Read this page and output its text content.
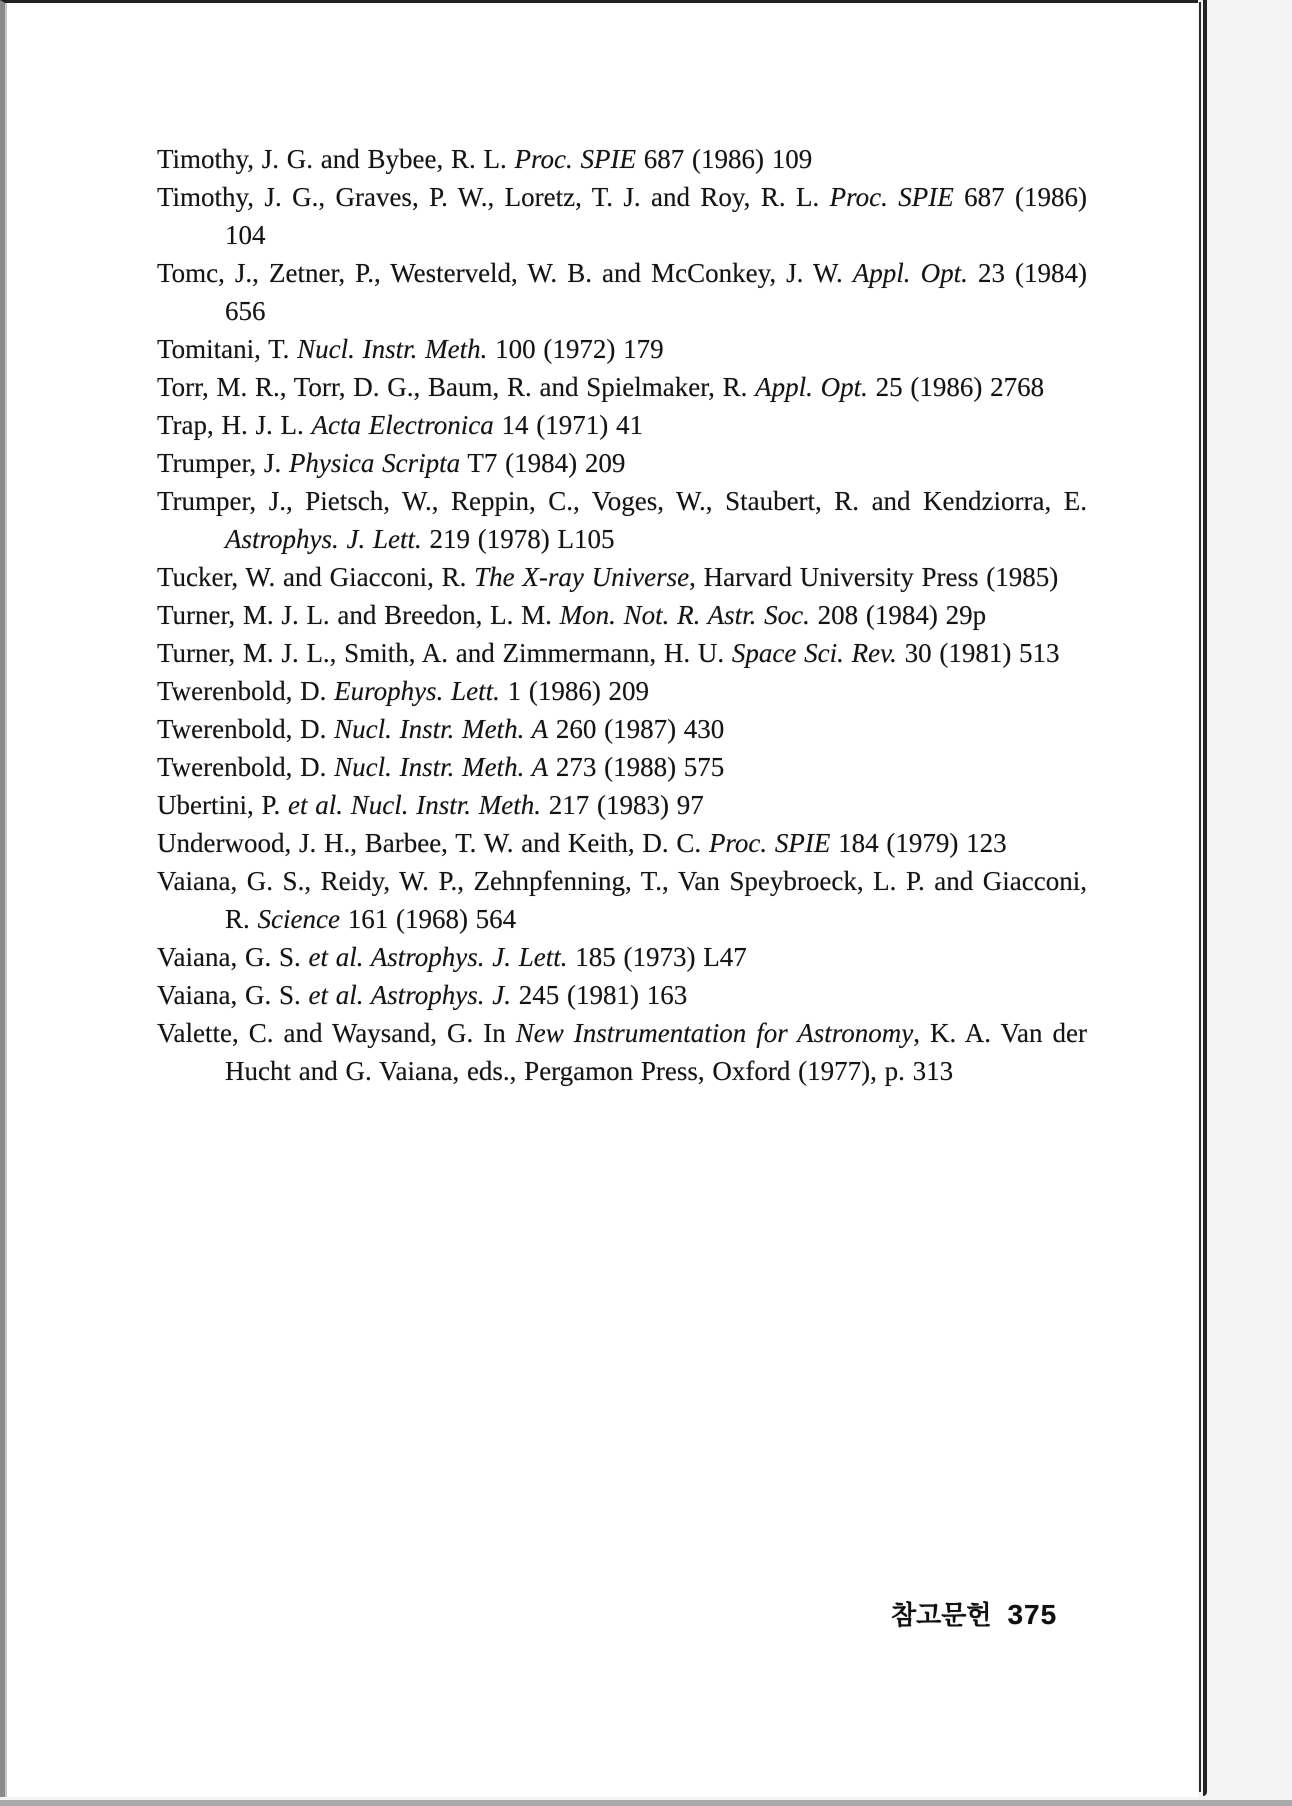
Timothy, J. G. and Bybee, R. L. Proc. SPIE 687 (1986) 109

Timothy, J. G., Graves, P. W., Loretz, T. J. and Roy, R. L. Proc. SPIE 687 (1986) 104

Tomc, J., Zetner, P., Westerveld, W. B. and McConkey, J. W. Appl. Opt. 23 (1984) 656

Tomitani, T. Nucl. Instr. Meth. 100 (1972) 179

Torr, M. R., Torr, D. G., Baum, R. and Spielmaker, R. Appl. Opt. 25 (1986) 2768

Trap, H. J. L. Acta Electronica 14 (1971) 41

Trumper, J. Physica Scripta T7 (1984) 209

Trumper, J., Pietsch, W., Reppin, C., Voges, W., Staubert, R. and Kendziorra, E. Astrophys. J. Lett. 219 (1978) L105

Tucker, W. and Giacconi, R. The X-ray Universe, Harvard University Press (1985)

Turner, M. J. L. and Breedon, L. M. Mon. Not. R. Astr. Soc. 208 (1984) 29p

Turner, M. J. L., Smith, A. and Zimmermann, H. U. Space Sci. Rev. 30 (1981) 513

Twerenbold, D. Europhys. Lett. 1 (1986) 209

Twerenbold, D. Nucl. Instr. Meth. A 260 (1987) 430

Twerenbold, D. Nucl. Instr. Meth. A 273 (1988) 575

Ubertini, P. et al. Nucl. Instr. Meth. 217 (1983) 97

Underwood, J. H., Barbee, T. W. and Keith, D. C. Proc. SPIE 184 (1979) 123

Vaiana, G. S., Reidy, W. P., Zehnpfenning, T., Van Speybroeck, L. P. and Giacconi, R. Science 161 (1968) 564

Vaiana, G. S. et al. Astrophys. J. Lett. 185 (1973) L47

Vaiana, G. S. et al. Astrophys. J. 245 (1981) 163

Valette, C. and Waysand, G. In New Instrumentation for Astronomy, K. A. Van der Hucht and G. Vaiana, eds., Pergamon Press, Oxford (1977), p. 313

참고문헌 375
